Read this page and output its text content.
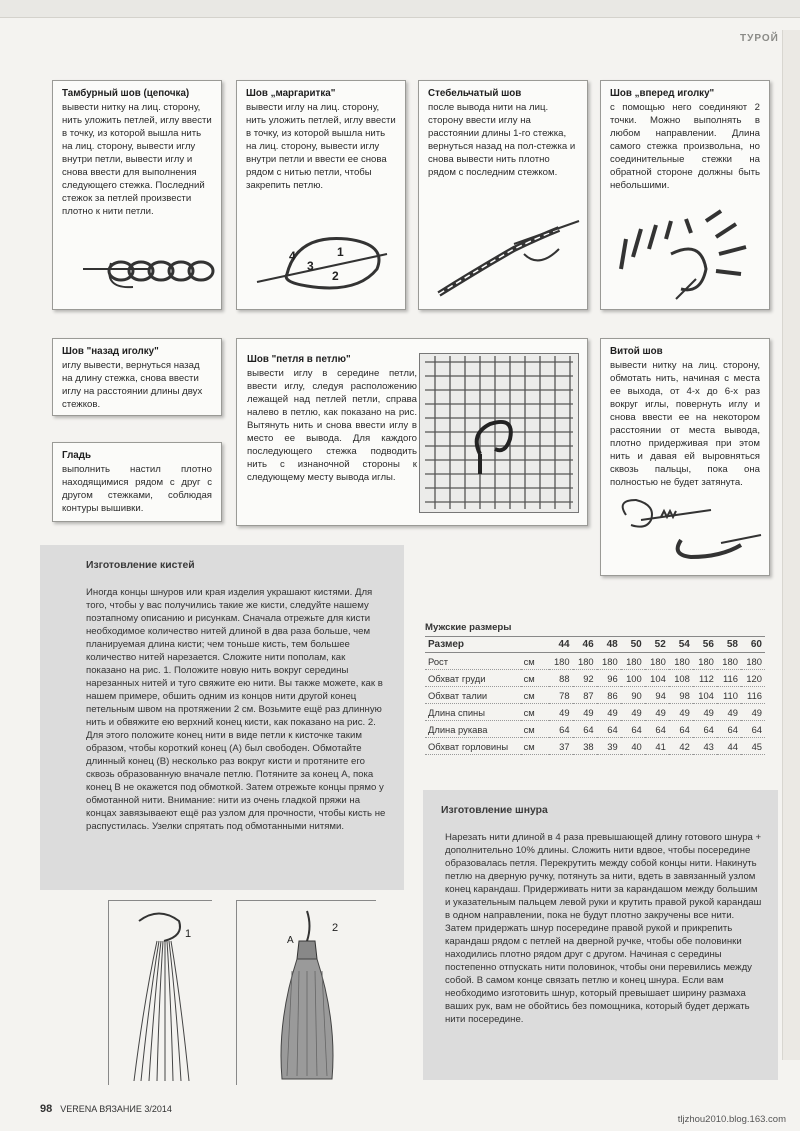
ТУРОЙ
Тамбурный шов (цепочка)

вывести нитку на лиц. сторону, нить уложить петлей, иглу ввести в точку, из которой вышла нить на лиц. сторону, вывести иглу внутри петли, вывести иглу и снова ввести для выполнения следующего стежка. Последний стежок за петлей произвести плотно к нити петли.

Шов „маргаритка"

вывести иглу на лиц. сторону, нить уложить петлей, иглу ввести в точку, из которой вышла нить на лиц. сторону, вывести иглу внутри петли и ввести ее снова рядом с нитью петли, чтобы закрепить петлю.

4
3
2
1
Стебельчатый шов

после вывода нити на лиц. сторону ввести иглу на расстоянии длины 1-го стежка, вернуться назад на пол-стежка и снова вывести нить плотно рядом с последним стежком.

Шов „вперед иголку"

с помощью него соединяют 2 точки. Можно выполнять в любом направлении. Длина самого стежка произвольна, но соединительные стежки на обратной стороне должны быть небольшими.

Шов "назад иголку"

иглу вывести, вернуться назад на длину стежка, снова ввести иглу на расстоянии длины двух стежков.

Гладь

выполнить настил плотно находящимися рядом с друг с другом стежками, соблюдая контуры вышивки.

Шов "петля в петлю"

вывести иглу в середине петли, ввести иглу, следуя расположению лежащей над петлей петли, справа налево в петлю, как показано на рис. Вытянуть нить и снова ввести иглу в место ее вывода. Для каждого последующего стежка подводить нить с изнаночной стороны к следующему месту вывода иглы.

Витой шов

вывести нитку на лиц. сторону, обмотать нить, начиная с места ее выхода, от 4-х до 6-х раз вокруг иглы, повернуть иглу и снова ввести ее на некотором расстоянии от места вывода, плотно придерживая при этом нить и давая ей выровняться сквозь пальцы, пока она полностью не будет затянута.

Изготовление кистей

Иногда концы шнуров или края изделия украшают кистями. Для того, чтобы у вас получились такие же кисти, следуйте нашему поэтапному описанию и рисункам. Сначала отрежьте для кисти необходимое количество нитей длиной в два раза больше, чем планируемая длина кисти; чем тоньше кисть, тем большее количество нитей нарезается. Сложите нити пополам, как показано на рис. 1. Положите новую нить вокруг середины нарезанных нитей и туго свяжите ею нити. Вы также можете, как в нашем примере, обшить одним из концов нити другой конец петельным швом на протяжении 2 см. Возьмите ещё раз длинную нить и обвяжите ею верхний конец кисти, как показано на рис. 2. Для этого положите конец нити в виде петли к кисточке таким образом, чтобы короткий конец (А) был свободен. Обмотайте длинный конец (В) несколько раз вокруг кисти и протяните его сквозь образованную вначале петлю. Потяните за конец А, пока конец В не окажется под обмоткой. Затем отрежьте концы прямо у обмотанной нити. Внимание: нити из очень гладкой пряжи на концах завязываеют ещё раз узлом для прочности, чтобы кисть не распустилась. Узелки спрятать под обмотанными нитями.

1	2
A
Мужские размеры
Размер		44	46	48	50	52	54	56	58	60
Рост	см	180	180	180	180	180	180	180	180	180
Обхват груди	см	88	92	96	100	104	108	112	116	120
Обхват талии	см	78	87	86	90	94	98	104	110	116
Длина спины	см	49	49	49	49	49	49	49	49	49
Длина рукава	см	64	64	64	64	64	64	64	64	64
Обхват горловины	см	37	38	39	40	41	42	43	44	45
Изготовление шнура

Нарезать нити длиной в 4 раза превышающей длину готового шнура + дополнительно 10% длины. Сложить нити вдвое, чтобы посередине образовалась петля. Перекрутить между собой концы нити. Накинуть петлю на дверную ручку, потянуть за нити, вдеть в завязанный узлом конец карандаш. Придерживать нити за карандашом между большим и указательным пальцем левой руки и крутить правой рукой карандаш в одном направлении, пока не будут плотно закручены все нити. Затем придержать шнур посередине правой рукой и прикрепить карандаш рядом с петлей на дверной ручке, чтобы обе половинки находились плотно рядом друг с другом. Начиная с середины постепенно отпускать нити половинок, чтобы они перевились между собой. В самом конце связать петлю и конец шнура. Если вам необходимо изготовить шнур, который превышает ширину размаха ваших рук, вам не обойтись без помощника, который будет держать нити посередине.

98 VERENA ВЯЗАНИЕ 3/2014
tljzhou2010.blog.163.com
